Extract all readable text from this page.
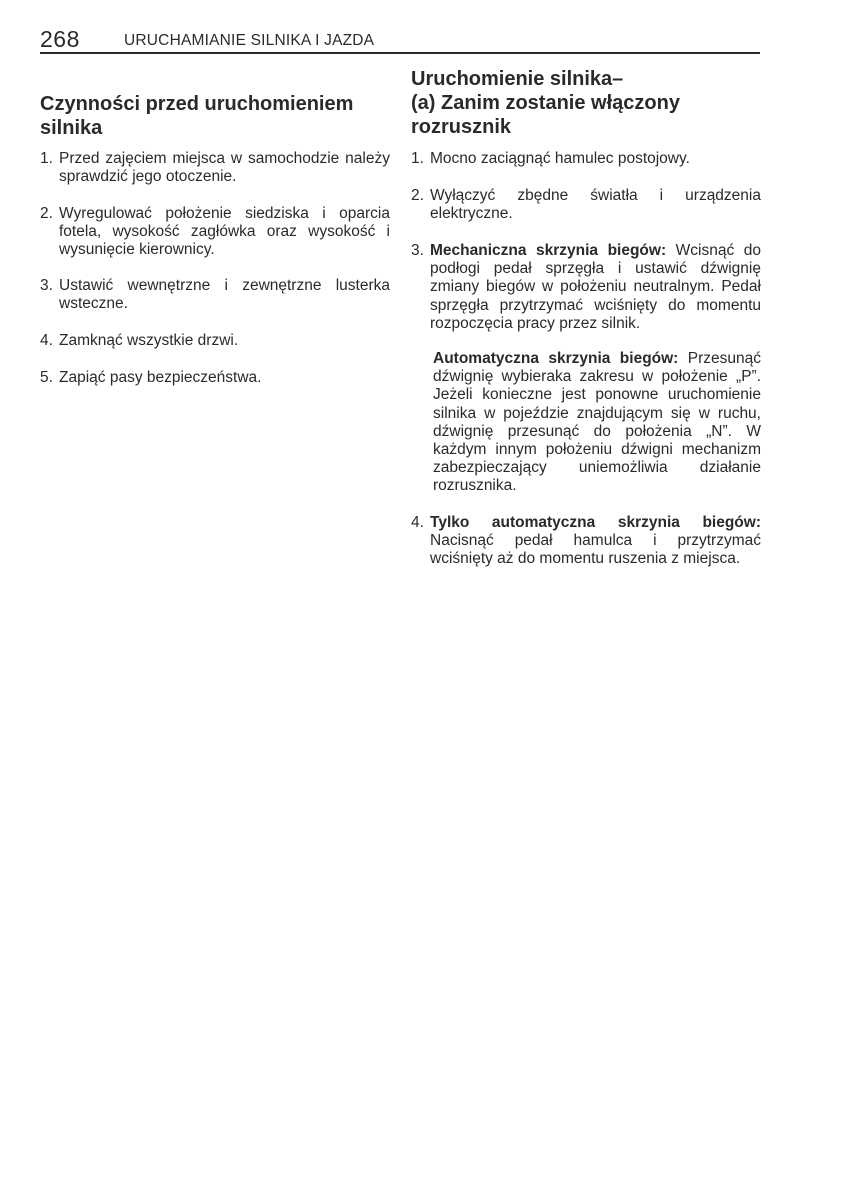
268	URUCHAMIANIE SILNIKA I JAZDA
Czynności przed uruchomieniem
silnika
1. Przed zajęciem miejsca w samochodzie należy sprawdzić jego otoczenie.
2. Wyregulować położenie siedziska i oparcia fotela, wysokość zagłówka oraz wysokość i wysunięcie kierownicy.
3. Ustawić wewnętrzne i zewnętrzne lusterka wsteczne.
4. Zamknąć wszystkie drzwi.
5. Zapiąć pasy bezpieczeństwa.
Uruchomienie silnika–
(a) Zanim zostanie włączony
rozrusznik
1. Mocno zaciągnąć hamulec postojowy.
2. Wyłączyć zbędne światła i urządzenia elektryczne.
3. Mechaniczna skrzynia biegów: Wcisnąć do podłogi pedał sprzęgła i ustawić dźwignię zmiany biegów w położeniu neutralnym. Pedał sprzęgła przytrzymać wciśnięty do momentu rozpoczęcia pracy przez silnik.
Automatyczna skrzynia biegów: Przesunąć dźwignię wybieraka zakresu w położenie „P”. Jeżeli konieczne jest ponowne uruchomienie silnika w pojeździe znajdującym się w ruchu, dźwignię przesunąć do położenia „N”. W każdym innym położeniu dźwigni mechanizm zabezpieczający uniemożliwia działanie rozrusznika.
4. Tylko automatyczna skrzynia biegów: Nacisnąć pedał hamulca i przytrzymać wciśnięty aż do momentu ruszenia z miejsca.
